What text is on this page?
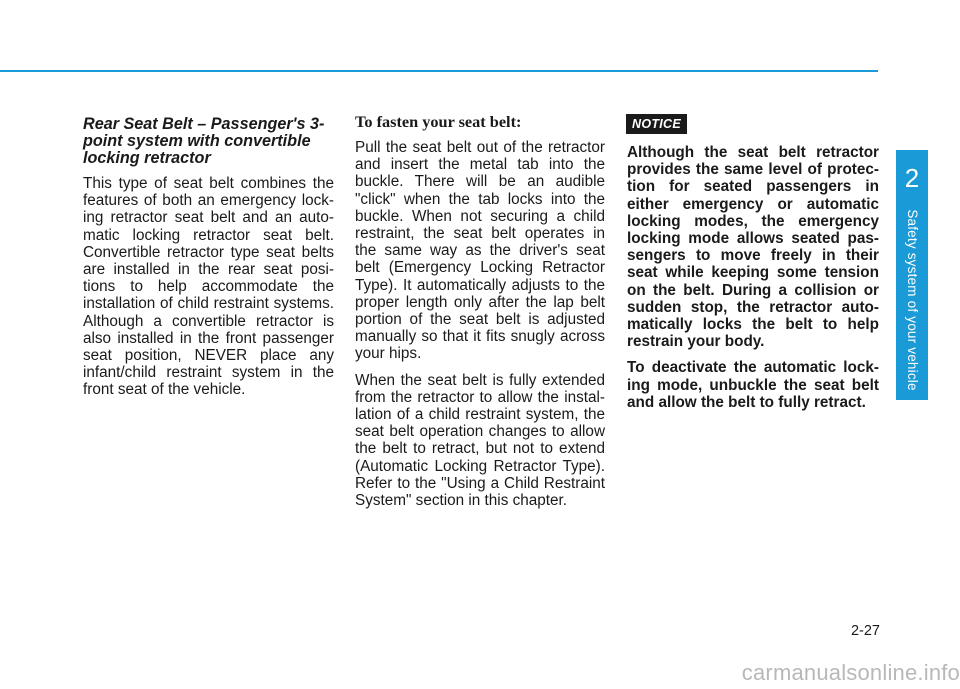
Rear Seat Belt – Passenger's 3-point system with convertible locking retractor

This type of seat belt combines the features of both an emergency lock-ing retractor seat belt and an auto-matic locking retractor seat belt. Convertible retractor type seat belts are installed in the rear seat posi-tions to help accommodate the installation of child restraint systems. Although a convertible retractor is also installed in the front passenger seat position, NEVER place any infant/child restraint system in the front seat of the vehicle.

To fasten your seat belt:

Pull the seat belt out of the retractor and insert the metal tab into the buckle. There will be an audible "click" when the tab locks into the buckle. When not securing a child restraint, the seat belt operates in the same way as the driver's seat belt (Emergency Locking Retractor Type). It automatically adjusts to the proper length only after the lap belt portion of the seat belt is adjusted manually so that it fits snugly across your hips.

When the seat belt is fully extended from the retractor to allow the instal-lation of a child restraint system, the seat belt operation changes to allow the belt to retract, but not to extend (Automatic Locking Retractor Type). Refer to the "Using a Child Restraint System" section in this chapter.

NOTICE

Although the seat belt retractor provides the same level of protec-tion for seated passengers in either emergency or automatic locking modes, the emergency locking mode allows seated pas-sengers to move freely in their seat while keeping some tension on the belt. During a collision or sudden stop, the retractor auto-matically locks the belt to help restrain your body.

To deactivate the automatic lock-ing mode, unbuckle the seat belt and allow the belt to fully retract.

2
Safety system of your vehicle
2-27
carmanualsonline.info
